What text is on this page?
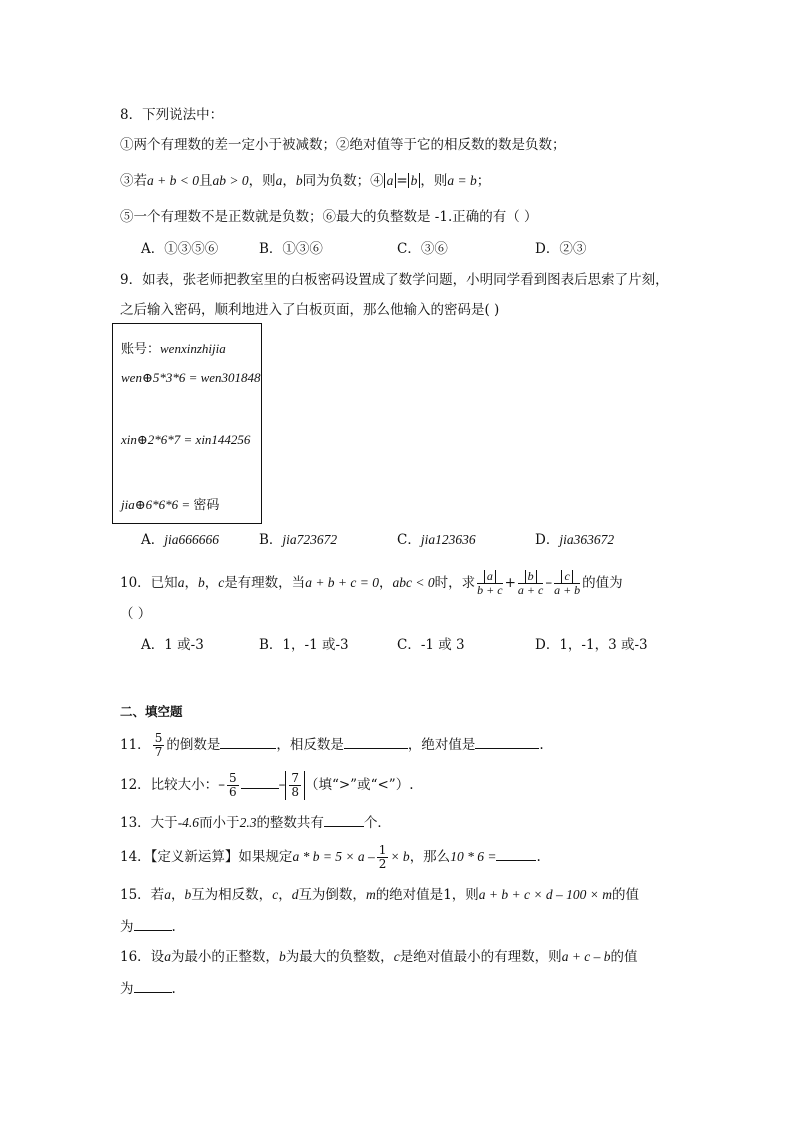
8．下列说法中：
①两个有理数的差一定小于被减数；②绝对值等于它的相反数的数是负数；
③若a + b < 0且ab > 0，则a，b同为负数；④ a = b ，则a = b；
⑤一个有理数不是正数就是负数；⑥最大的负整数是 -1.正确的有（ ）
A．①③⑤⑥	B．①③⑥	C．③⑥	D．②③
9．如表，张老师把教室里的白板密码设置成了数学问题，小明同学看到图表后思索了片刻，
之后输入密码，顺利地进入了白板页面，那么他输入的密码是( )
账号：wenxinzhijia
wen⊕5*3*6 = wen301848
xin⊕2*6*7 = xin144256
jia⊕6*6*6 = 密码
A．jia666666	B．jia723672	C．jia123636	D．jia363672
10．已知a，b，c是有理数，当a + b + c = 0，abc < 0时，求 $\frac{a}{b + c} + \frac{b}{a + c} - \frac{c}{a + b}$ 的值为
（ ）
A．1 或-3	B．1，-1 或-3	C．-1 或 3	D．1，-1，3 或-3
二、填空题
11． $\frac{5}{7}$ 的倒数是	，相反数是	，绝对值是	.
12．比较大小：– $\frac{5}{6}$	– $\frac{7}{8}$ （填“>”或“<”）.
13．大于-4.6而小于2.3的整数共有	个．
14．【定义新运算】如果规定$a * b = 5 \times a - \frac{1}{2} \times b$，那么10 * 6 =	.
15．若a，b互为相反数，c，d互为倒数，m的绝对值是1，则a + b + c × d – 100 × m的值
为	.
16．设a为最小的正整数，b为最大的负整数，c是绝对值最小的有理数，则a + c – b的值
为	.
